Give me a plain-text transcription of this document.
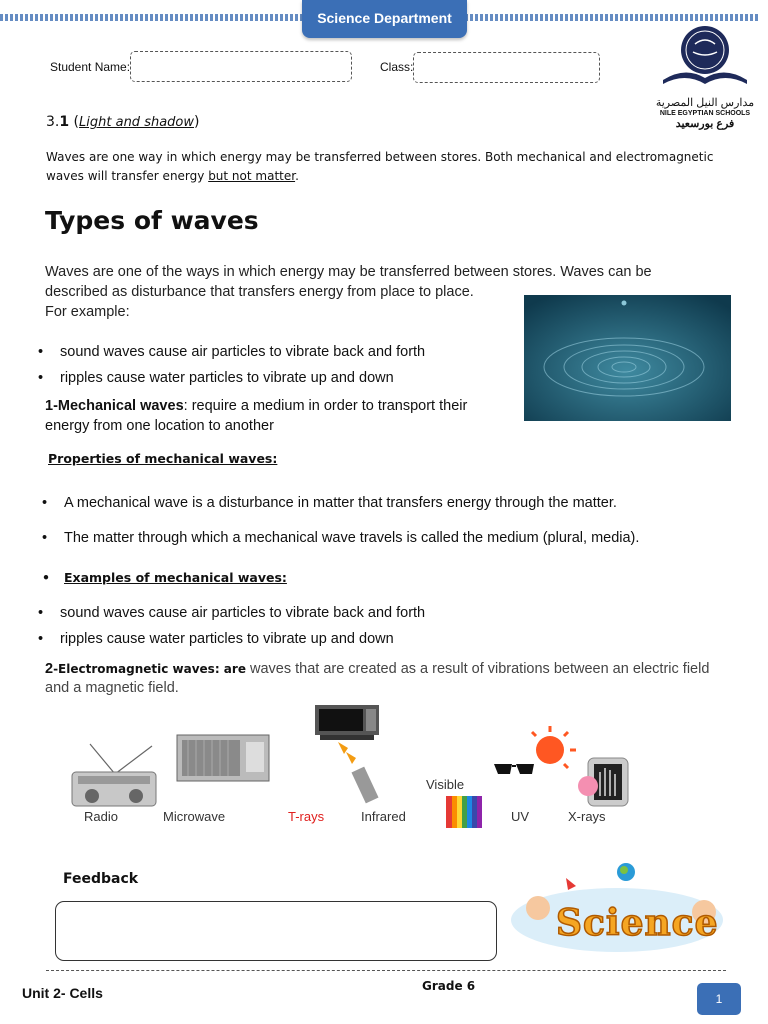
Science Department
Student Name:	Class:
مدارس النيل المصرية
NILE EGYPTIAN SCHOOLS
فرع بورسعيد
3.1 (Light and shadow)
Waves are one way in which energy may be transferred between stores. Both mechanical and electromagnetic waves will transfer energy but not matter.
Types of waves
Waves are one of the ways in which energy may be transferred between stores. Waves can be
described as disturbance that transfers energy from place to place.
For example:
• sound waves cause air particles to vibrate back and forth
• ripples cause water particles to vibrate up and down
1-Mechanical waves: require a medium in order to transport their
energy from one location to another
Properties of mechanical waves:
• A mechanical wave is a disturbance in matter that transfers energy through the matter.
• The matter through which a mechanical wave travels is called the medium (plural, media).
• Examples of mechanical waves:
• sound waves cause air particles to vibrate back and forth
• ripples cause water particles to vibrate up and down
2-Electromagnetic waves: are waves that are created as a result of vibrations between an electric field
and a magnetic field.
Radio	Microwave	T-rays	Infrared
Visible
UV	X-rays
Feedback
Science
Unit 2- Cells	Grade 6
1
